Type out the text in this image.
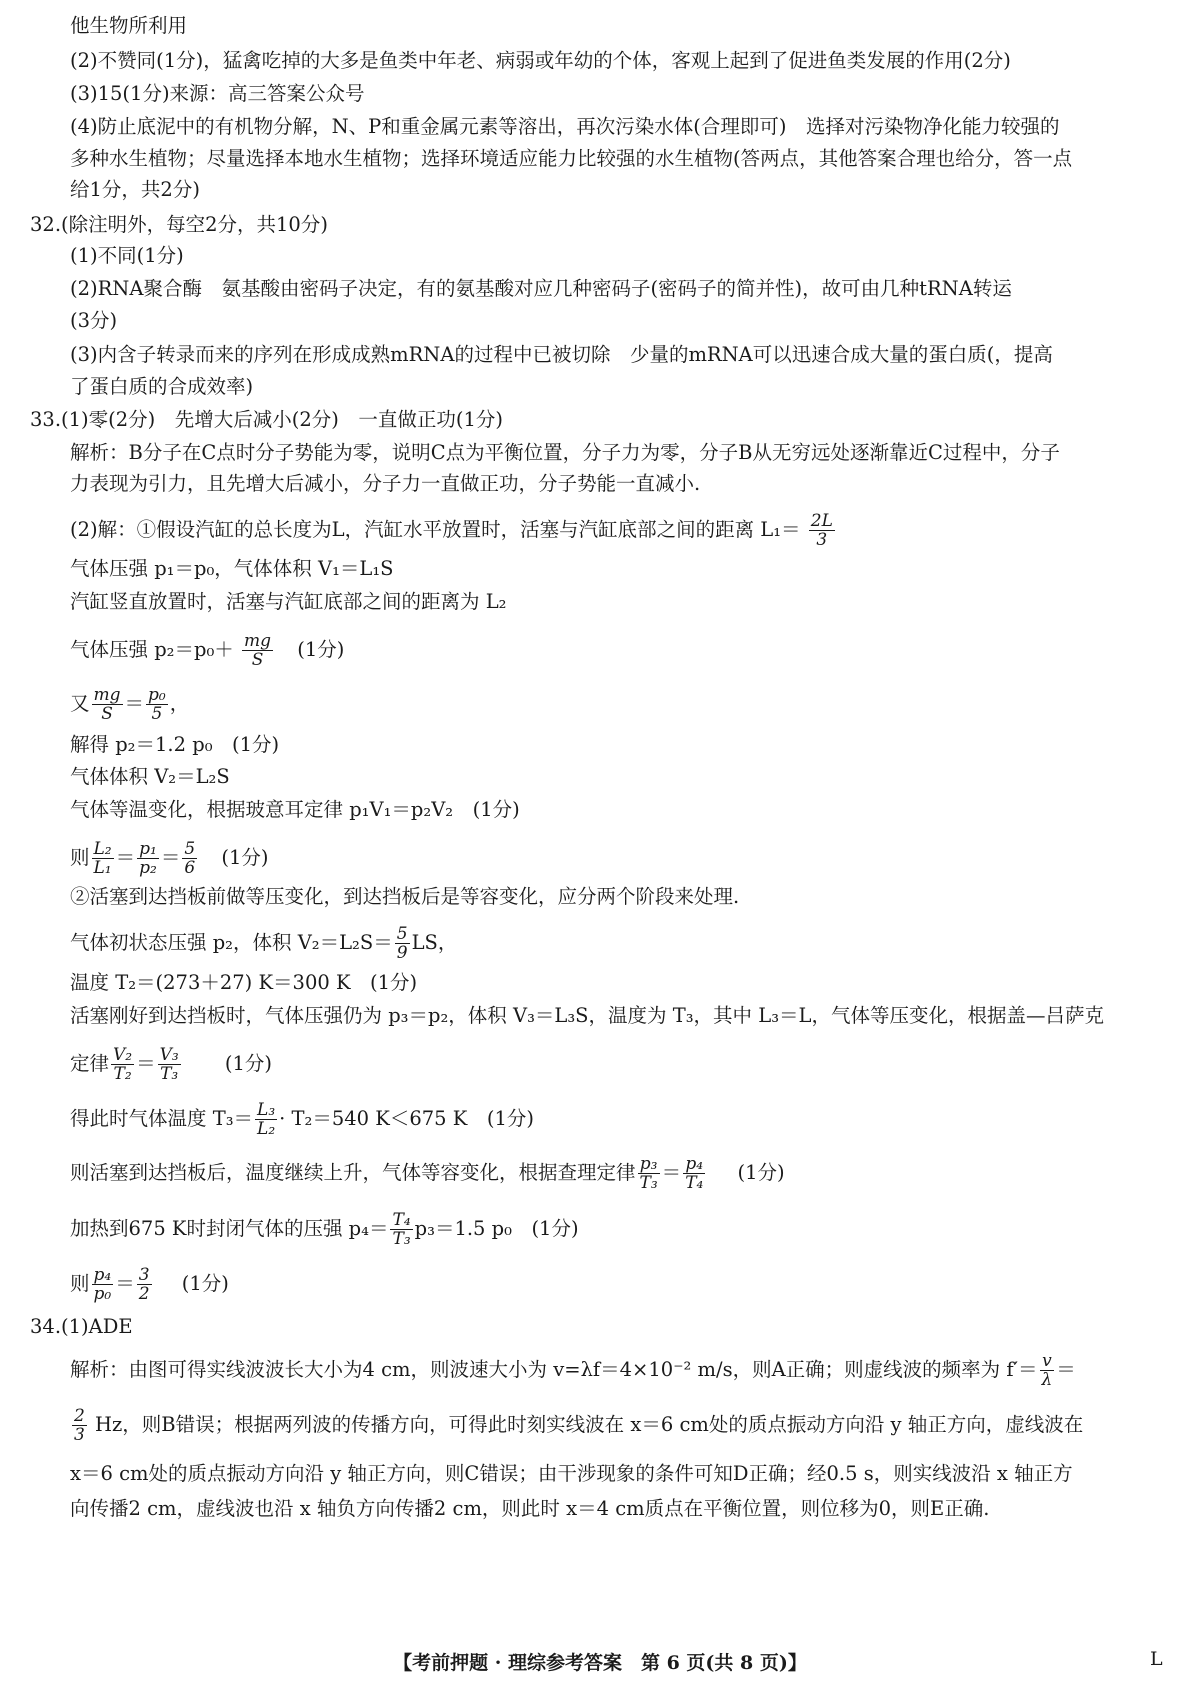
他生物所利用
(2)不赞同(1分)，猛禽吃掉的大多是鱼类中年老、病弱或年幼的个体，客观上起到了促进鱼类发展的作用(2分)
(3)15(1分)来源：高三答案公众号
(4)防止底泥中的有机物分解，N、P和重金属元素等溶出，再次污染水体(合理即可)　选择对污染物净化能力较强的
多种水生植物；尽量选择本地水生植物；选择环境适应能力比较强的水生植物(答两点，其他答案合理也给分，答一点
给1分，共2分)
32.(除注明外，每空2分，共10分)
(1)不同(1分)
(2)RNA聚合酶　氨基酸由密码子决定，有的氨基酸对应几种密码子(密码子的简并性)，故可由几种tRNA转运
(3分)
(3)内含子转录而来的序列在形成成熟mRNA的过程中已被切除　少量的mRNA可以迅速合成大量的蛋白质(，提高
了蛋白质的合成效率)
33.(1)零(2分)　先增大后减小(2分)　一直做正功(1分)
解析：B分子在C点时分子势能为零，说明C点为平衡位置，分子力为零，分子B从无穷远处逐渐靠近C过程中，分子
力表现为引力，且先增大后减小，分子力一直做正功，分子势能一直减小.
(2)解：①假设汽缸的总长度为L，汽缸水平放置时，活塞与汽缸底部之间的距离 $L_1= \frac{2L}{3}$
气体压强 p₁＝p₀，气体体积 V₁＝L₁S
汽缸竖直放置时，活塞与汽缸底部之间的距离为 L₂
气体压强 $p_2=p_0+ \frac{mg}{S} (1$分)
又 $\frac{mg}{S} = \frac{\text{p₀}}{5}$ ，
解得 p₂＝1.2 p₀　(1分)
气体体积 V₂＝L₂S
气体等温变化，根据玻意耳定律 p₁V₁＝p₂V₂　(1分)
则 $\frac{\text{L₂}}{\text{L₁}} = \frac{\text{p₁}}{\text{p₂}} = \frac{5}{6} (1$分)
②活塞到达挡板前做等压变化，到达挡板后是等容变化，应分两个阶段来处理.
气体初状态压强 p₂，体积 $V_2=L_2S= \frac{5}{9}$ LS，
温度 T₂＝(273＋27) K＝300 K　(1分)
活塞刚好到达挡板时，气体压强仍为 p₃＝p₂，体积 V₃＝L₃S，温度为 T₃，其中 L₃＝L，气体等压变化，根据盖—吕萨克
定律 $\frac{\text{V₂}}{\text{T₂}} = \frac{\text{V₃}}{\text{T₃}} (1$分)
得此时气体温度 $T_3= \frac{\text{L₃}}{\text{L₂}} \cdot T_2=540$ K＜675 K　(1分)
则活塞到达挡板后，温度继续上升，气体等容变化，根据查理定律 $\frac{\text{p₃}}{\text{T₃}} = \frac{\text{p₄}}{\text{T₄}} (1$分)
加热到675 K时封闭气体的压强 $p_4= \frac{\text{T₄}}{\text{T₃}} p_3=1.5$ p₀　(1分)
则 $\frac{\text{p₄}}{\text{p₀}} = \frac{3}{2} (1$分)
34.(1)ADE
解析：由图可得实线波波长大小为4 cm，则波速大小为 v=λf＝4×10⁻² m/s，则A正确；则虚线波的频率为 $f'= \frac{v}{\lambda}$ ＝
$\frac{2}{3}$ Hz，则B错误；根据两列波的传播方向，可得此时刻实线波在 x＝6 cm处的质点振动方向沿 y 轴正方向，虚线波在
x＝6 cm处的质点振动方向沿 y 轴正方向，则C错误；由干涉现象的条件可知D正确；经0.5 s，则实线波沿 x 轴正方
向传播2 cm，虚线波也沿 x 轴负方向传播2 cm，则此时 x＝4 cm质点在平衡位置，则位移为0，则E正确.
【考前押题 · 理综参考答案　第 6 页(共 8 页)】	L
